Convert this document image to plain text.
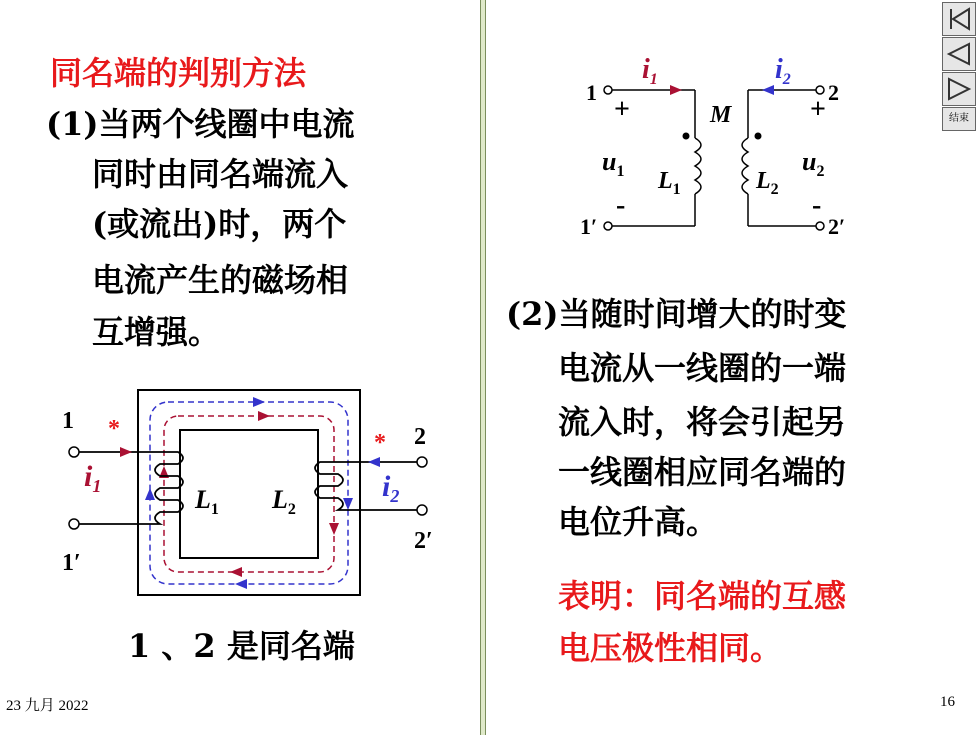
同名端的判别方法
(1)当两个线圈中电流
同时由同名端流入
(或流出)时，两个
电流产生的磁场相
互增强。
1 *
$i_1$
1′
$L_1$ $L_2$
* 2
$i_2$
2′
1 、2 是同名端
$i_1$	$i_2$
1
+	M	+
2
$u_1$ $L_1$	$L_2$
$u_2$
-	-
1′	2′
(2)当随时间增大的时变
电流从一线圈的一端
流入时，将会引起另
一线圈相应同名端的
电位升高。
表明：同名端的互感
电压极性相同。
23 九月 2022	16
结束
